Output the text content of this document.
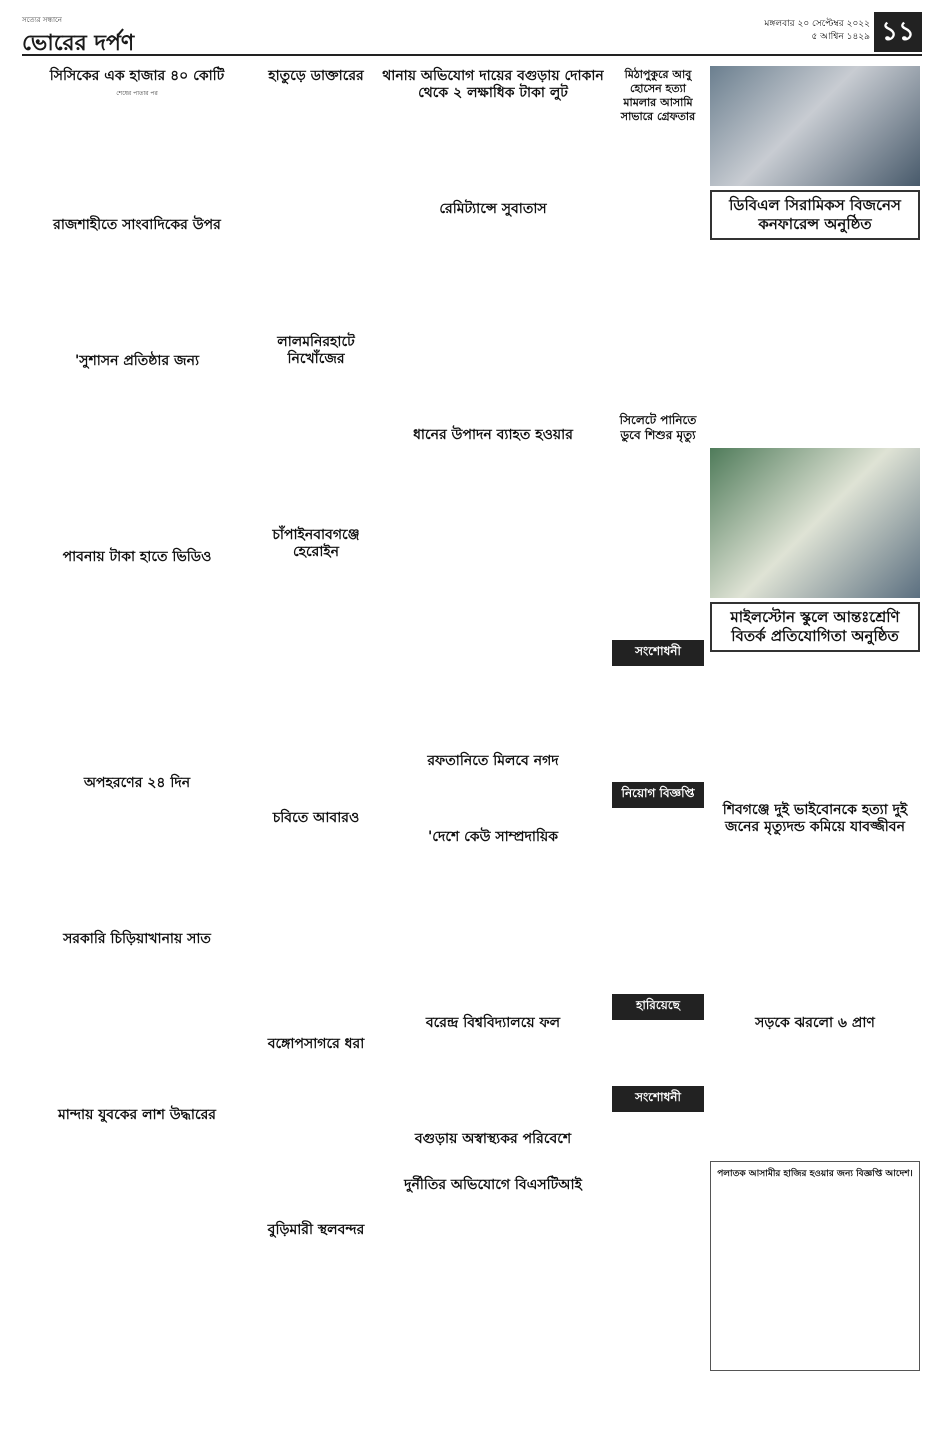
সত্যের সন্ধানে
ভোরের দর্পণ
মঙ্গলবার ২০ সেপ্টেম্বর ২০২২
৫ আশ্বিন ১৪২৯ ১১
সিসিকের এক হাজার ৪০ কোটি
শেষের পাতার পর
রাজশাহীতে সাংবাদিকের উপর
'সুশাসন প্রতিষ্ঠার জন্য
পাবনায় টাকা হাতে ভিডিও
অপহরণের ২৪ দিন
সরকারি চিড়িয়াখানায় সাত
মান্দায় যুবকের লাশ উদ্ধারের
হাতুড়ে ডাক্তারের
লালমনিরহাটে নিখোঁজের
চাঁপাইনবাবগঞ্জে হেরোইন
চবিতে আবারও
বঙ্গোপসাগরে ধরা
বুড়িমারী স্থলবন্দর
থানায় অভিযোগ দায়ের বগুড়ায় দোকান থেকে ২ লক্ষাধিক টাকা লুট
রেমিট্যান্সে সুবাতাস
ধানের উপাদন ব্যাহত হওয়ার
রফতানিতে মিলবে নগদ
'দেশে কেউ সাম্প্রদায়িক
বরেন্দ্র বিশ্ববিদ্যালয়ে ফল
বগুড়ায় অস্বাস্থ্যকর পরিবেশে
দুর্নীতির অভিযোগে বিএসটিআই
মিঠাপুকুরে আবু হোসেন হত্যা মামলার আসামি সাভারে গ্রেফতার
সিলেটে পানিতে ডুবে শিশুর মৃত্যু
সংশোধনী
নিয়োগ বিজ্ঞপ্তি
হারিয়েছে
সংশোধনী
ডিবিএল সিরামিকস বিজনেস কনফারেন্স অনুষ্ঠিত
মাইলস্টোন স্কুলে আন্তঃশ্রেণি বিতর্ক প্রতিযোগিতা অনুষ্ঠিত
শিবগঞ্জে দুই ভাইবোনকে হত্যা দুই জনের মৃত্যুদন্ড কমিয়ে যাবজ্জীবন
সড়কে ঝরলো ৬ প্রাণ
পলাতক আসামীর হাজির হওয়ার জন্য বিজ্ঞপ্তি আদেশ।
